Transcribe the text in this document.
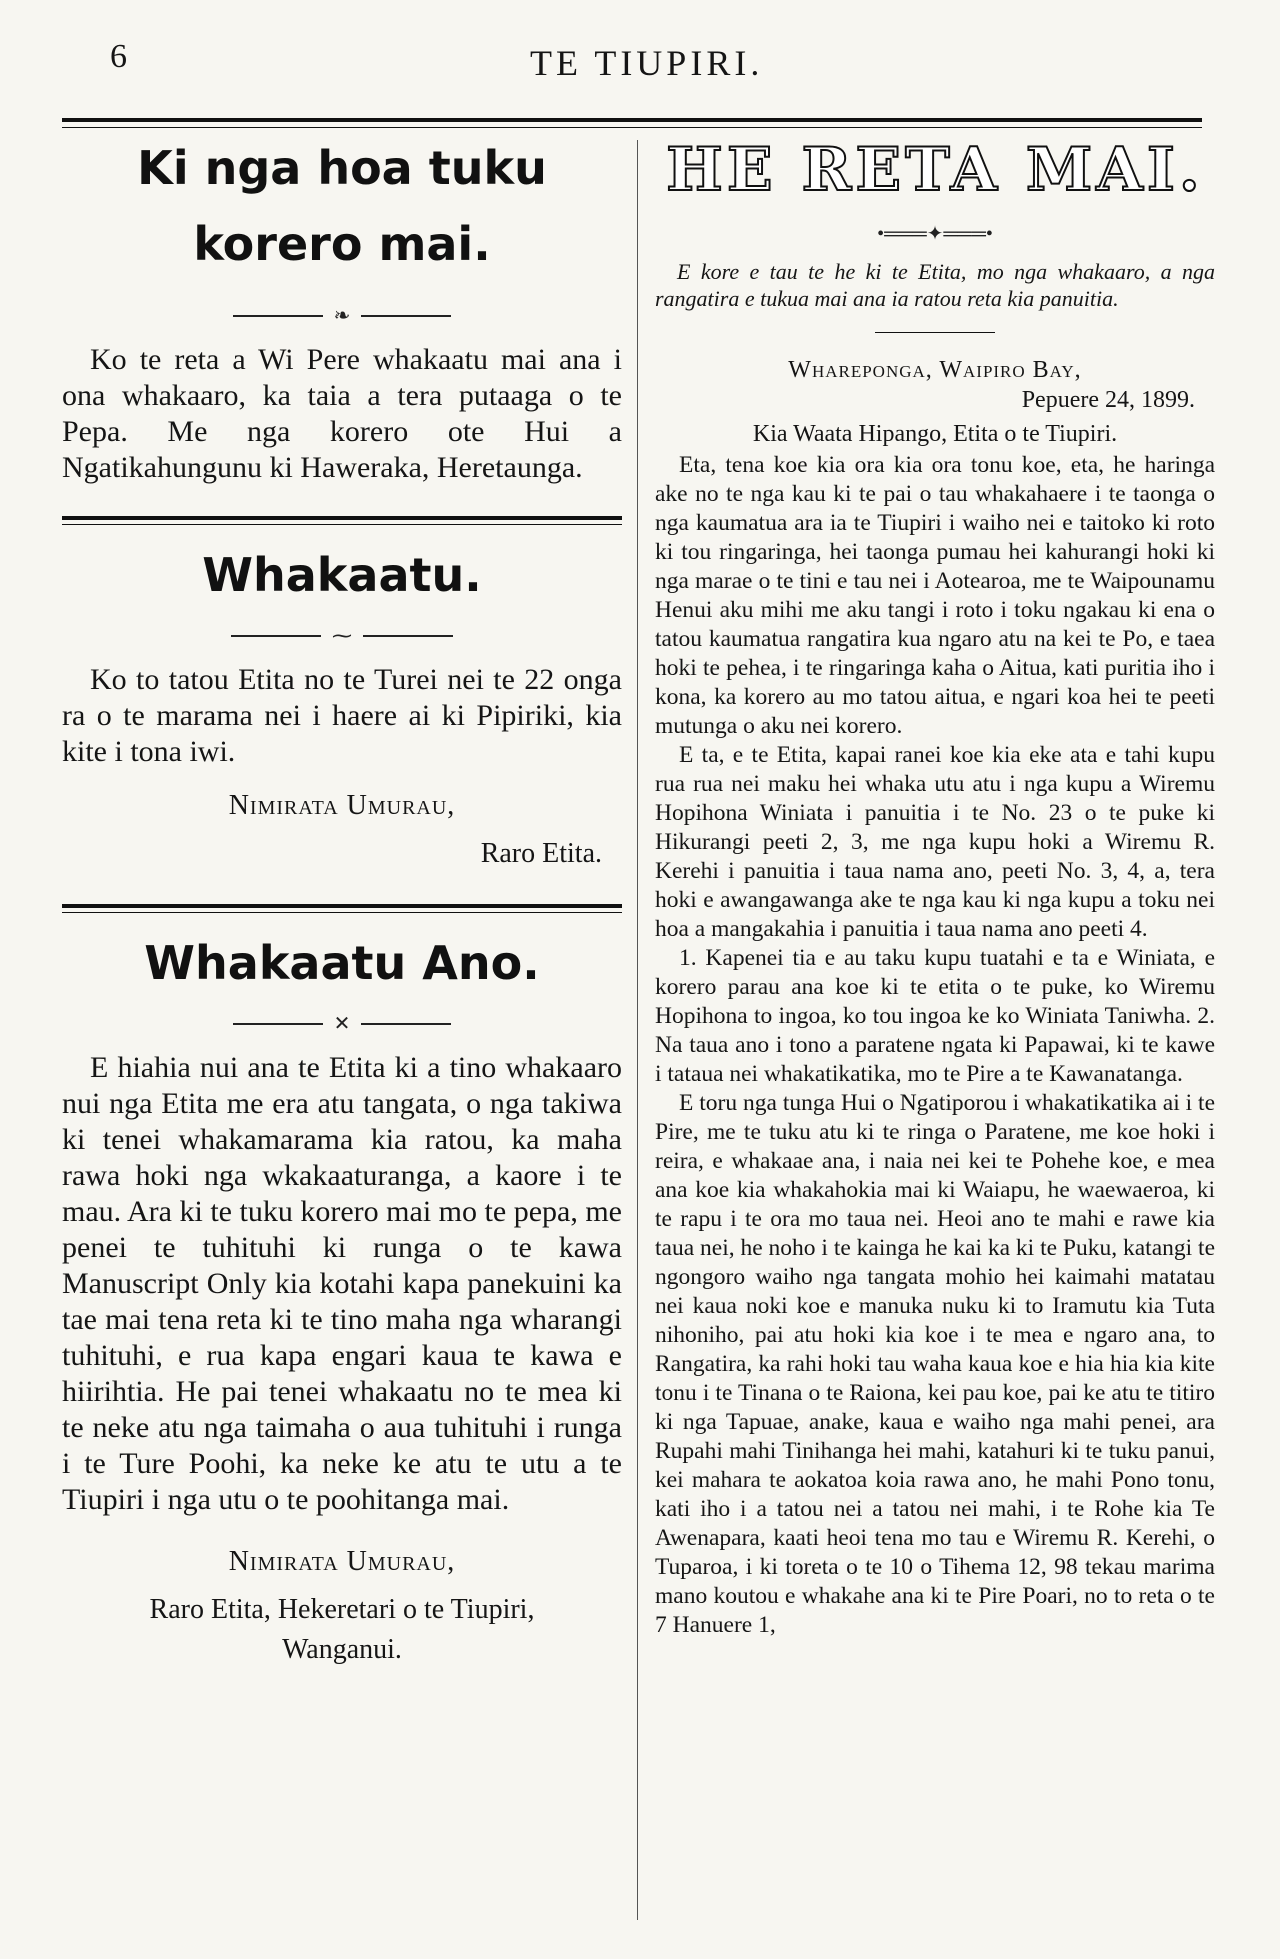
6	TE TIUPIRI.
Ki nga hoa tuku korero mai.
❧

Ko te reta a Wi Pere whakaatu mai ana i ona whakaaro, ka taia a tera putaaga o te Pepa. Me nga korero ote Hui a Ngatikahungunu ki Haweraka, Heretaunga.

Whakaatu.
⁓

Ko to tatou Etita no te Turei nei te 22 onga ra o te marama nei i haere ai ki Pipiriki, kia kite i tona iwi.

Nimirata Umurau,

Raro Etita.

Whakaatu Ano.
✕

E hiahia nui ana te Etita ki a tino whakaaro nui nga Etita me era atu tangata, o nga takiwa ki tenei whakamarama kia ratou, ka maha rawa hoki nga wkakaaturanga, a kaore i te mau. Ara ki te tuku korero mai mo te pepa, me penei te tuhituhi ki runga o te kawa Manuscript Only kia kotahi kapa panekuini ka tae mai tena reta ki te tino maha nga wharangi tuhituhi, e rua kapa engari kaua te kawa e hiirihtia. He pai tenei whakaatu no te mea ki te neke atu nga taimaha o aua tuhituhi i runga i te Ture Poohi, ka neke ke atu te utu a te Tiupiri i nga utu o te poohitanga mai.

Nimirata Umurau,

Raro Etita, Hekeretari o te Tiupiri,

Wanganui.

HE RETA MAI.
•═══✦═══•

E kore e tau te he ki te Etita, mo nga whakaaro, a nga rangatira e tukua mai ana ia ratou reta kia panuitia.

Whareponga, Waipiro Bay,

Pepuere 24, 1899.

Kia Waata Hipango, Etita o te Tiupiri.

Eta, tena koe kia ora kia ora tonu koe, eta, he haringa ake no te nga kau ki te pai o tau whakahaere i te taonga o nga kaumatua ara ia te Tiupiri i waiho nei e taitoko ki roto ki tou ringaringa, hei taonga pumau hei kahurangi hoki ki nga marae o te tini e tau nei i Aotearoa, me te Waipounamu Henui aku mihi me aku tangi i roto i toku ngakau ki ena o tatou kaumatua rangatira kua ngaro atu na kei te Po, e taea hoki te pehea, i te ringaringa kaha o Aitua, kati puritia iho i kona, ka korero au mo tatou aitua, e ngari koa hei te peeti mutunga o aku nei korero.

E ta, e te Etita, kapai ranei koe kia eke ata e tahi kupu rua rua nei maku hei whaka utu atu i nga kupu a Wiremu Hopihona Winiata i panuitia i te No. 23 o te puke ki Hikurangi peeti 2, 3, me nga kupu hoki a Wiremu R. Kerehi i panuitia i taua nama ano, peeti No. 3, 4, a, tera hoki e awangawanga ake te nga kau ki nga kupu a toku nei hoa a mangakahia i panuitia i taua nama ano peeti 4.

1. Kapenei tia e au taku kupu tuatahi e ta e Winiata, e korero parau ana koe ki te etita o te puke, ko Wiremu Hopihona to ingoa, ko tou ingoa ke ko Winiata Taniwha. 2. Na taua ano i tono a paratene ngata ki Papawai, ki te kawe i tataua nei whakatikatika, mo te Pire a te Kawanatanga.

E toru nga tunga Hui o Ngatiporou i whakatikatika ai i te Pire, me te tuku atu ki te ringa o Paratene, me koe hoki i reira, e whakaae ana, i naia nei kei te Pohehe koe, e mea ana koe kia whakahokia mai ki Waiapu, he waewaeroa, ki te rapu i te ora mo taua nei. Heoi ano te mahi e rawe kia taua nei, he noho i te kainga he kai ka ki te Puku, katangi te ngongoro waiho nga tangata mohio hei kaimahi matatau nei kaua noki koe e manuka nuku ki to Iramutu kia Tuta nihoniho, pai atu hoki kia koe i te mea e ngaro ana, to Rangatira, ka rahi hoki tau waha kaua koe e hia hia kia kite tonu i te Tinana o te Raiona, kei pau koe, pai ke atu te titiro ki nga Tapuae, anake, kaua e waiho nga mahi penei, ara Rupahi mahi Tinihanga hei mahi, katahuri ki te tuku panui, kei mahara te aokatoa koia rawa ano, he mahi Pono tonu, kati iho i a tatou nei a tatou nei mahi, i te Rohe kia Te Awenapara, kaati heoi tena mo tau e Wiremu R. Kerehi, o Tuparoa, i ki toreta o te 10 o Tihema 12, 98 tekau marima mano koutou e whakahe ana ki te Pire Poari, no to reta o te 7 Hanuere 1,
